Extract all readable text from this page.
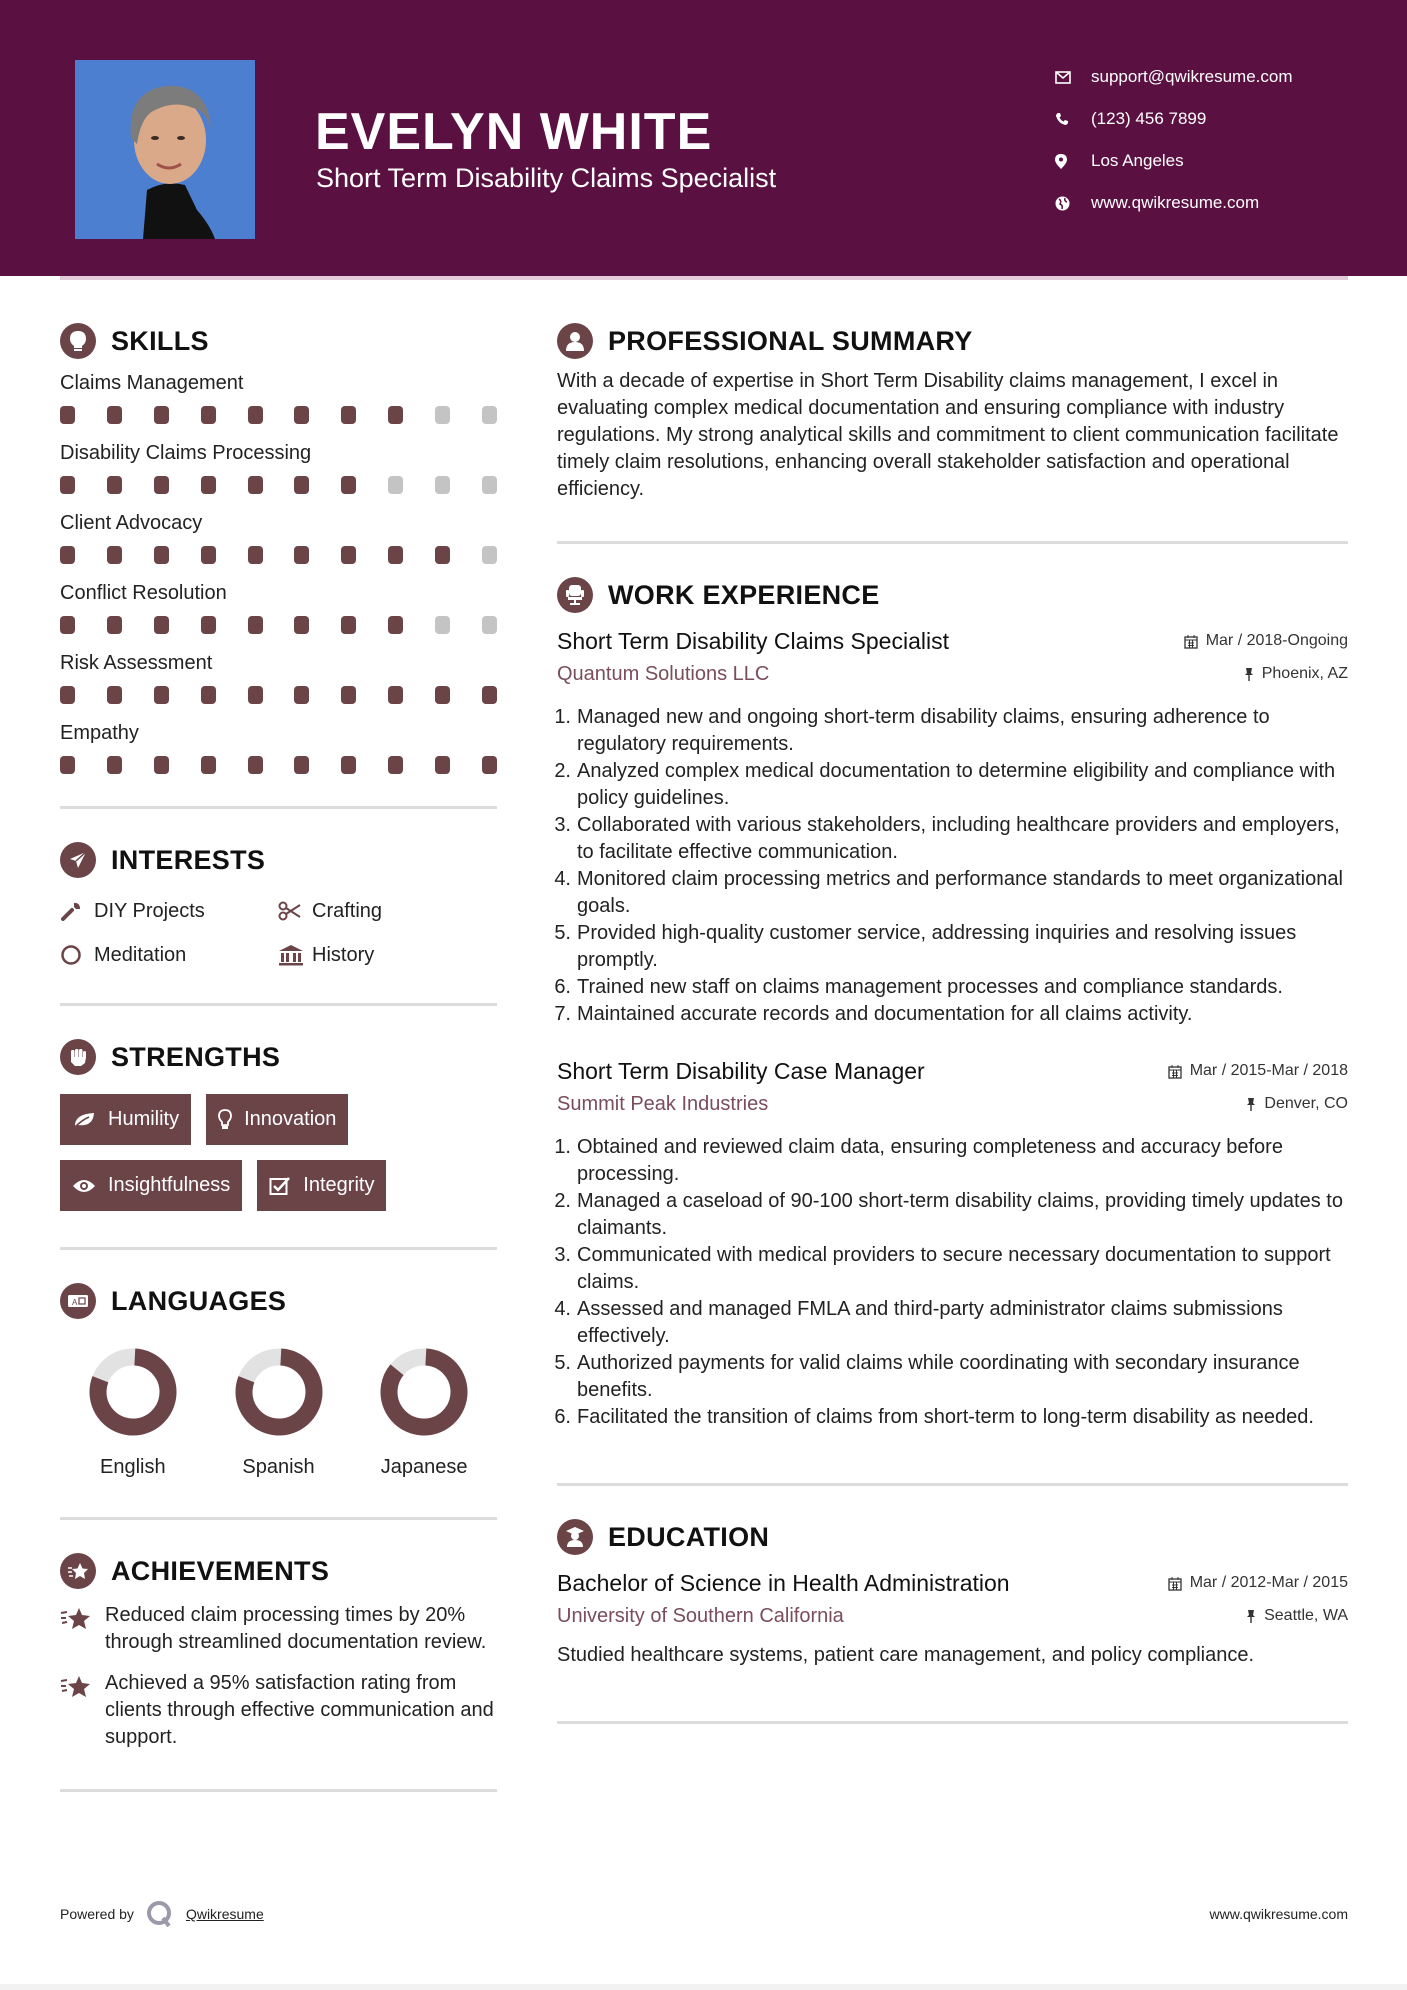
EVELYN WHITE
Short Term Disability Claims Specialist
support@qwikresume.com
(123) 456 7899
Los Angeles
www.qwikresume.com
SKILLS
Claims Management
Disability Claims Processing
Client Advocacy
Conflict Resolution
Risk Assessment
Empathy
INTERESTS
DIY Projects	Crafting
Meditation	History
STRENGTHS
Humility	Innovation
Insightfulness	Integrity
A LANGUAGES
English	Spanish	Japanese
ACHIEVEMENTS
Reduced claim processing times by 20% through streamlined documentation review.
Achieved a 95% satisfaction rating from clients through effective communication and support.
PROFESSIONAL SUMMARY

With a decade of expertise in Short Term Disability claims management, I excel in evaluating complex medical documentation and ensuring compliance with industry regulations. My strong analytical skills and commitment to client communication facilitate timely claim resolutions, enhancing overall stakeholder satisfaction and operational efficiency.

WORK EXPERIENCE
Short Term Disability Claims Specialist	Mar / 2018-Ongoing
Quantum Solutions LLC	Phoenix, AZ
1. Managed new and ongoing short-term disability claims, ensuring adherence to regulatory requirements.
2. Analyzed complex medical documentation to determine eligibility and compliance with policy guidelines.
3. Collaborated with various stakeholders, including healthcare providers and employers, to facilitate effective communication.
4. Monitored claim processing metrics and performance standards to meet organizational goals.
5. Provided high-quality customer service, addressing inquiries and resolving issues promptly.
6. Trained new staff on claims management processes and compliance standards.
7. Maintained accurate records and documentation for all claims activity.
Short Term Disability Case Manager	Mar / 2015-Mar / 2018
Summit Peak Industries	Denver, CO
1. Obtained and reviewed claim data, ensuring completeness and accuracy before processing.
2. Managed a caseload of 90-100 short-term disability claims, providing timely updates to claimants.
3. Communicated with medical providers to secure necessary documentation to support claims.
4. Assessed and managed FMLA and third-party administrator claims submissions effectively.
5. Authorized payments for valid claims while coordinating with secondary insurance benefits.
6. Facilitated the transition of claims from short-term to long-term disability as needed.
EDUCATION
Bachelor of Science in Health Administration	Mar / 2012-Mar / 2015
University of Southern California	Seattle, WA

Studied healthcare systems, patient care management, and policy compliance.

Powered by	Qwikresume	www.qwikresume.com
